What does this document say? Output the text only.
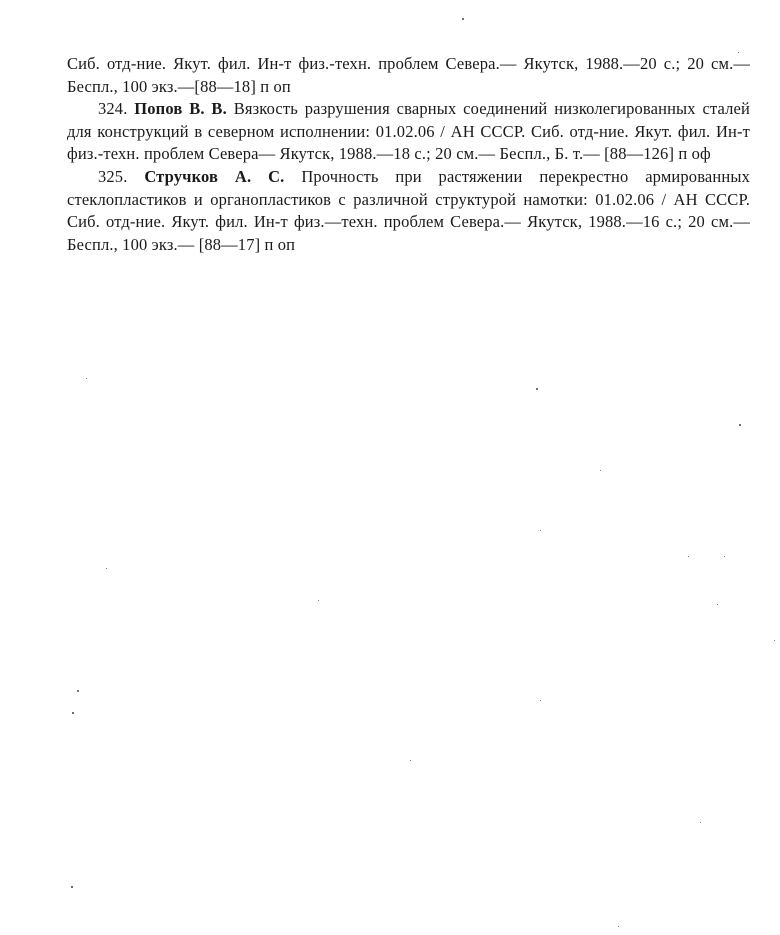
Сиб. отд-ние. Якут. фил. Ин-т физ.-техн. проблем Севера.— Якутск, 1988.—20 с.; 20 см.— Беспл., 100 экз.—[88—18] п оп

324. Попов В. В. Вязкость разрушения сварных соединений низколегированных сталей для конструкций в северном исполнении: 01.02.06 / АН СССР. Сиб. отд-ние. Якут. фил. Ин-т физ.-техн. проблем Севера— Якутск, 1988.—18 с.; 20 см.— Беспл., Б. т.— [88—126] п оф

325. Стручков А. С. Прочность при растяжении перекрестно армированных стеклопластиков и органопластиков с различной структурой намотки: 01.02.06 / АН СССР. Сиб. отд-ние. Якут. фил. Ин-т физ.—техн. проблем Севера.— Якутск, 1988.—16 с.; 20 см.— Беспл., 100 экз.— [88—17] п оп
